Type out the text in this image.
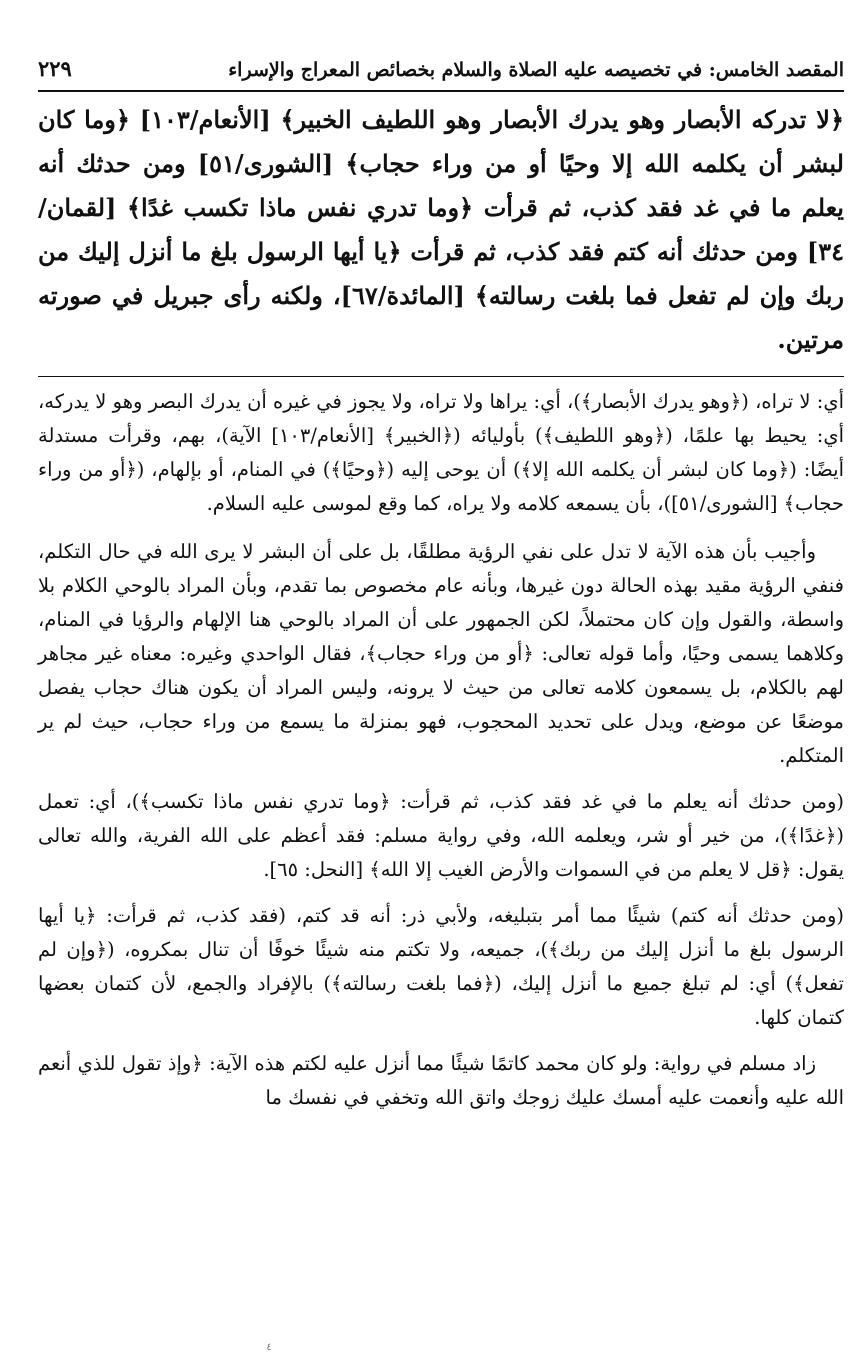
المقصد الخامس: في تخصيصه عليه الصلاة والسلام بخصائص المعراج والإسراء
٢٢٩
﴿لا تدركه الأبصار وهو يدرك الأبصار وهو اللطيف الخبير﴾ [الأنعام/١٠٣] ﴿وما كان لبشر أن يكلمه الله إلا وحيًا أو من وراء حجاب﴾ [الشورى/٥١] ومن حدثك أنه يعلم ما في غد فقد كذب، ثم قرأت ﴿وما تدري نفس ماذا تكسب غدًا﴾ [لقمان/٣٤] ومن حدثك أنه كتم فقد كذب، ثم قرأت ﴿يا أيها الرسول بلغ ما أنزل إليك من ربك وإن لم تفعل فما بلغت رسالته﴾ [المائدة/٦٧]، ولكنه رأى جبريل في صورته مرتين.

أي: لا تراه، (﴿وهو يدرك الأبصار﴾)، أي: يراها ولا تراه، ولا يجوز في غيره أن يدرك البصر وهو لا يدركه، أي: يحيط بها علمًا، (﴿وهو اللطيف﴾) بأوليائه (﴿الخبير﴾ [الأنعام/١٠٣] الآية)، بهم، وقرأت مستدلة أيضًا: (﴿وما كان لبشر أن يكلمه الله إلا﴾) أن يوحى إليه (﴿وحيًا﴾) في المنام، أو بإلهام، (﴿أو من وراء حجاب﴾ [الشورى/٥١])، بأن يسمعه كلامه ولا يراه، كما وقع لموسى عليه السلام.

وأجيب بأن هذه الآية لا تدل على نفي الرؤية مطلقًا، بل على أن البشر لا يرى الله في حال التكلم، فنفي الرؤية مقيد بهذه الحالة دون غيرها، وبأنه عام مخصوص بما تقدم، وبأن المراد بالوحي الكلام بلا واسطة، والقول وإن كان محتملاً، لكن الجمهور على أن المراد بالوحي هنا الإلهام والرؤيا في المنام، وكلاهما يسمى وحيًا، وأما قوله تعالى: ﴿أو من وراء حجاب﴾، فقال الواحدي وغيره: معناه غير مجاهر لهم بالكلام، بل يسمعون كلامه تعالى من حيث لا يرونه، وليس المراد أن يكون هناك حجاب يفصل موضعًا عن موضع، ويدل على تحديد المحجوب، فهو بمنزلة ما يسمع من وراء حجاب، حيث لم ير المتكلم.

(ومن حدثك أنه يعلم ما في غد فقد كذب، ثم قرأت: ﴿وما تدري نفس ماذا تكسب﴾)، أي: تعمل (﴿غدًا﴾)، من خير أو شر، ويعلمه الله، وفي رواية مسلم: فقد أعظم على الله الفرية، والله تعالى يقول: ﴿قل لا يعلم من في السموات والأرض الغيب إلا الله﴾ [النحل: ٦٥].

(ومن حدثك أنه كتم) شيئًا مما أمر بتبليغه، ولأبي ذر: أنه قد كتم، (فقد كذب، ثم قرأت: ﴿يا أيها الرسول بلغ ما أنزل إليك من ربك﴾)، جميعه، ولا تكتم منه شيئًا خوفًا أن تنال بمكروه، (﴿وإن لم تفعل﴾) أي: لم تبلغ جميع ما أنزل إليك، (﴿فما بلغت رسالته﴾) بالإفراد والجمع، لأن كتمان بعضها كتمان كلها.

زاد مسلم في رواية: ولو كان محمد كاتمًا شيئًا مما أنزل عليه لكتم هذه الآية: ﴿وإذ تقول للذي أنعم الله عليه وأنعمت عليه أمسك عليك زوجك واتق الله وتخفي في نفسك ما

٤
